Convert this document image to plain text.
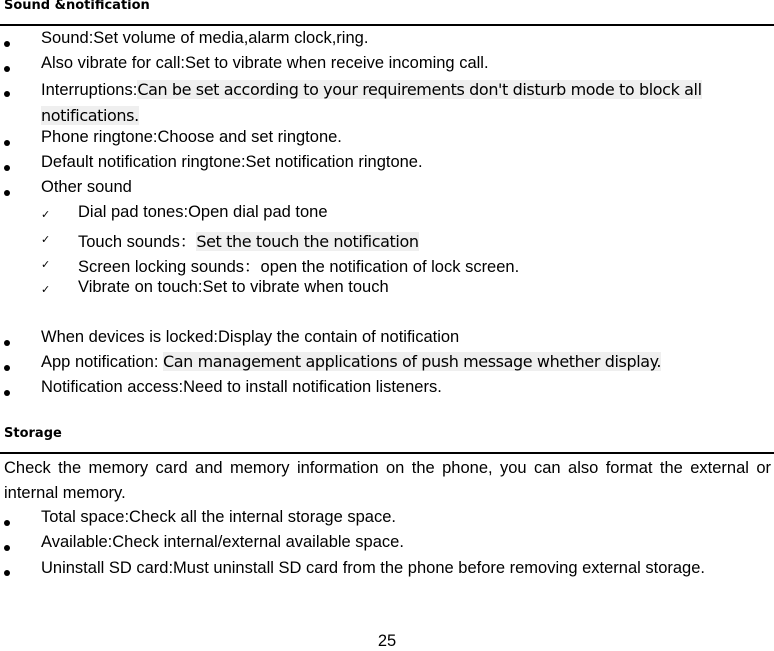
Sound &notification
Sound:Set volume of media,alarm clock,ring.
Also vibrate for call:Set to vibrate when receive incoming call.
Interruptions:Can be set according to your requirements don't disturb mode to block all notifications.
Phone ringtone:Choose and set ringtone.
Default notification ringtone:Set notification ringtone.
Other sound
✓ Dial pad tones:Open dial pad tone
✓ Touch sounds：Set the touch the notification
✓ Screen locking sounds：open the notification of lock screen.
✓ Vibrate on touch:Set to vibrate when touch
When devices is locked:Display the contain of notification
App notification: Can management applications of push message whether display.
Notification access:Need to install notification listeners.
Storage
Check the memory card and memory information on the phone, you can also format the external or internal memory.
Total space:Check all the internal storage space.
Available:Check internal/external available space.
Uninstall SD card:Must uninstall SD card from the phone before removing external storage.
25
